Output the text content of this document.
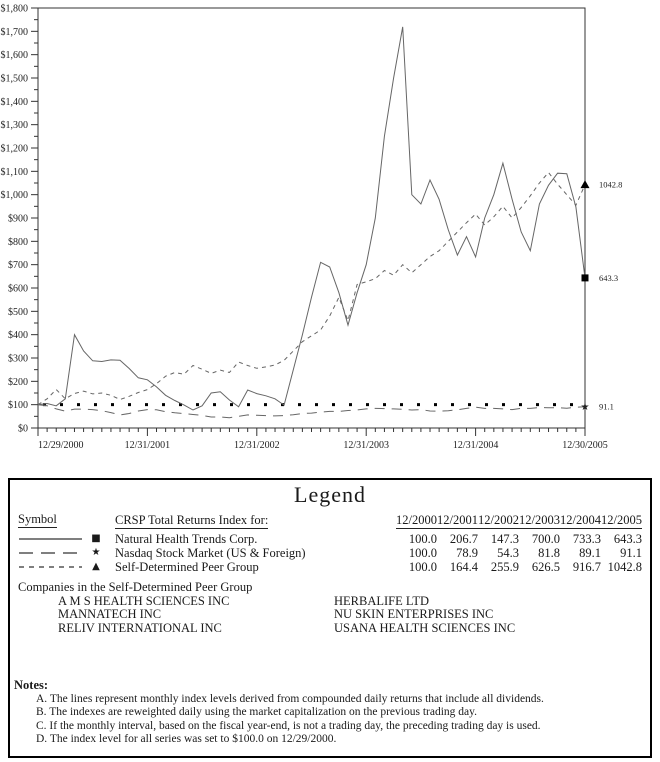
$1,800
$1,700
$1,600
$1,500
$1,400
$1,300
$1,200
$1,100
$1,000
$900
$800
$700
$600
$500
$400
$300
$200
$100
$0
12/29/2000	12/31/2001	12/31/2002	12/31/2003	12/31/2004	12/30/2005
1042.8
643.3
★ 91.1
Legend
Symbol	CRSP Total Returns Index for:	12/2000 12/2001 12/2002 12/2003 12/2004 12/2005
■ Natural Health Trends Corp.	100.0	206.7	147.3	700.0	733.3	643.3
★ Nasdaq Stock Market (US & Foreign)	100.0	78.9	54.3	81.8	89.1	91.1
▲	Self-Determined Peer Group	100.0	164.4	255.9	626.5	916.7 1042.8
Companies in the Self-Determined Peer Group
A M S HEALTH SCIENCES INC
MANNATECH INC
RELIV INTERNATIONAL INC
HERBALIFE LTD
NU SKIN ENTERPRISES INC
USANA HEALTH SCIENCES INC
Notes:
A. The lines represent monthly index levels derived from compounded daily returns that include all dividends.
B. The indexes are reweighted daily using the market capitalization on the previous trading day.
C. If the monthly interval, based on the fiscal year-end, is not a trading day, the preceding trading day is used.
D. The index level for all series was set to $100.0 on 12/29/2000.
